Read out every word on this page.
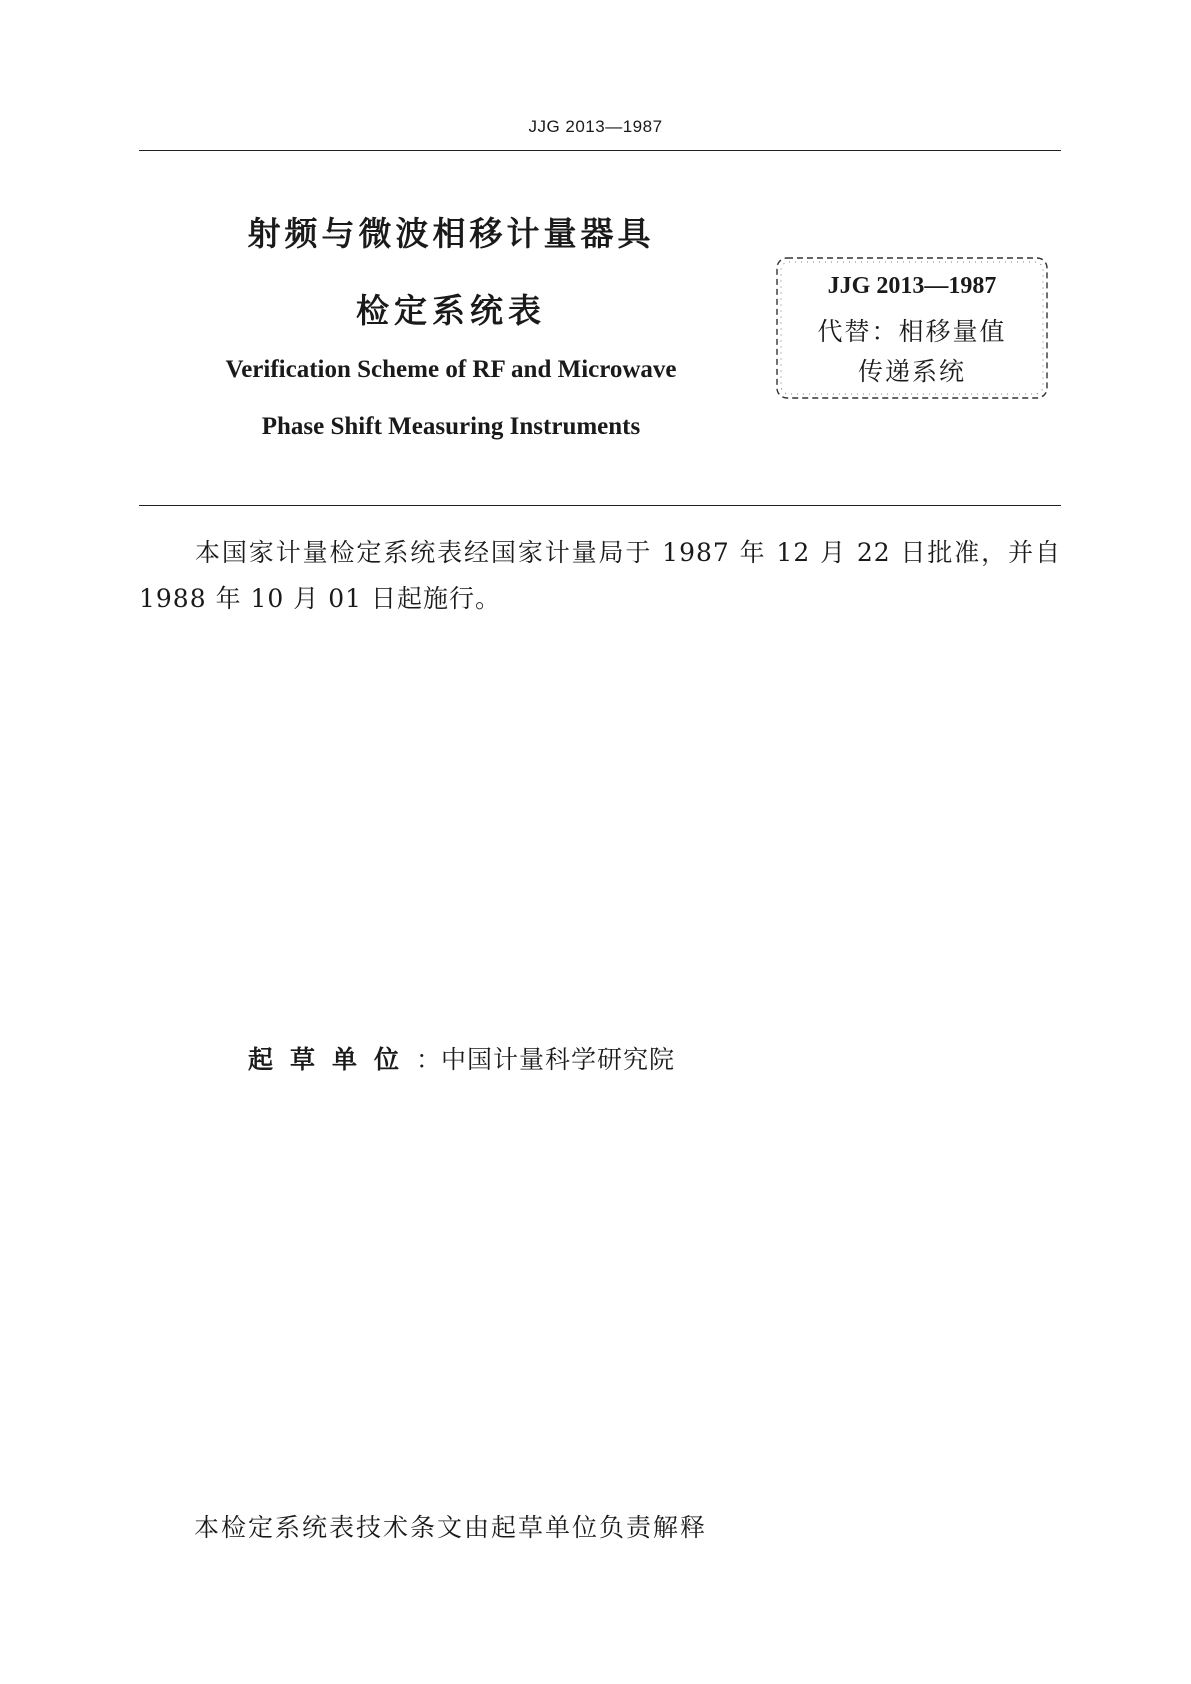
JJG 2013—1987
射频与微波相移计量器具
检定系统表
Verification Scheme of RF and Microwave
Phase Shift Measuring Instruments
JJG 2013—1987
代替：相移量值
传递系统
本国家计量检定系统表经国家计量局于 1987 年 12 月 22 日批准，并自 1988 年 10 月 01 日起施行。
起草单位：中国计量科学研究院
本检定系统表技术条文由起草单位负责解释
